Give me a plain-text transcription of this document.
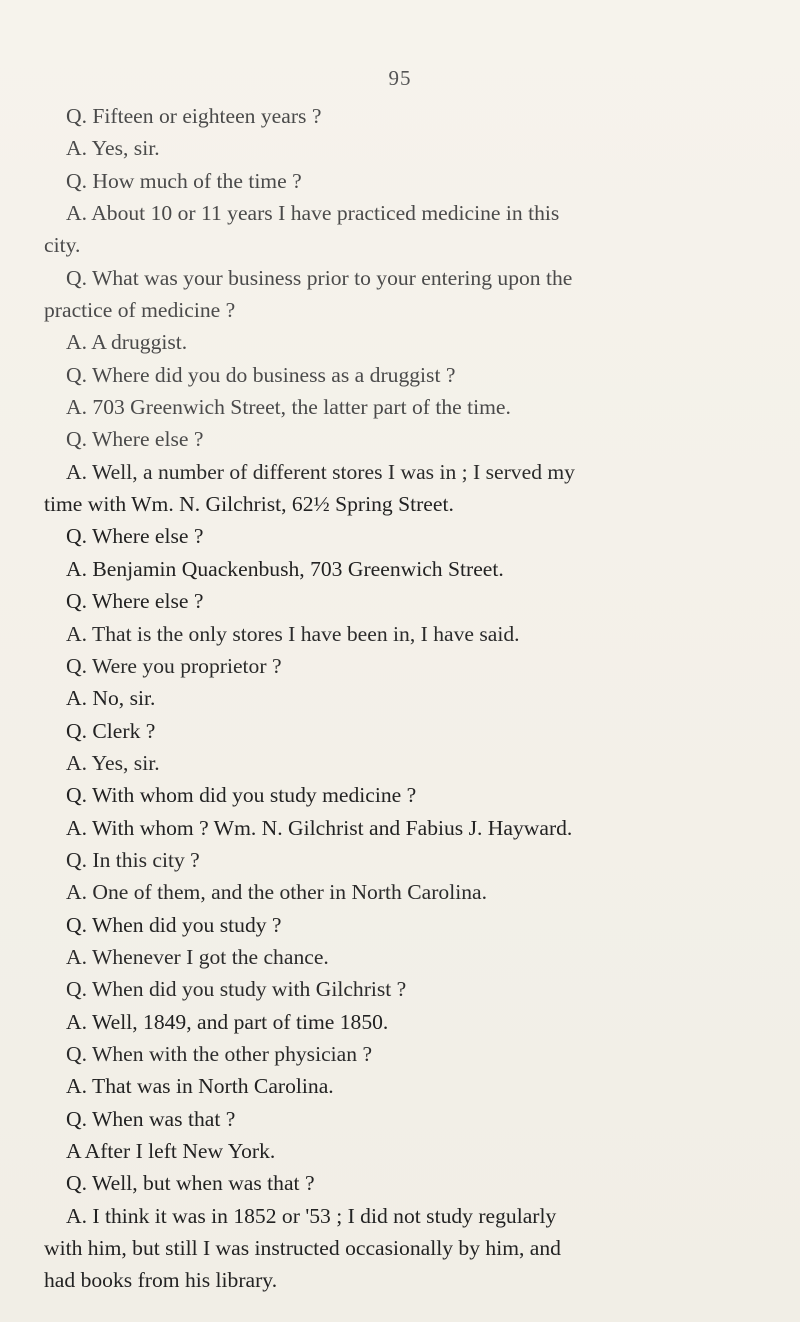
95

Q. Fifteen or eighteen years ?

A. Yes, sir.

Q. How much of the time ?

A. About 10 or 11 years I have practiced medicine in this

city.

Q. What was your business prior to your entering upon the

practice of medicine ?

A. A druggist.

Q. Where did you do business as a druggist ?

A. 703 Greenwich Street, the latter part of the time.

Q. Where else ?

A. Well, a number of different stores I was in ; I served my

time with Wm. N. Gilchrist, 62½ Spring Street.

Q. Where else ?

A. Benjamin Quackenbush, 703 Greenwich Street.

Q. Where else ?

A. That is the only stores I have been in, I have said.

Q. Were you proprietor ?

A. No, sir.

Q. Clerk ?

A. Yes, sir.

Q. With whom did you study medicine ?

A. With whom ? Wm. N. Gilchrist and Fabius J. Hayward.

Q. In this city ?

A. One of them, and the other in North Carolina.

Q. When did you study ?

A. Whenever I got the chance.

Q. When did you study with Gilchrist ?

A. Well, 1849, and part of time 1850.

Q. When with the other physician ?

A. That was in North Carolina.

Q. When was that ?

A After I left New York.

Q. Well, but when was that ?

A. I think it was in 1852 or '53 ; I did not study regularly

with him, but still I was instructed occasionally by him, and

had books from his library.
